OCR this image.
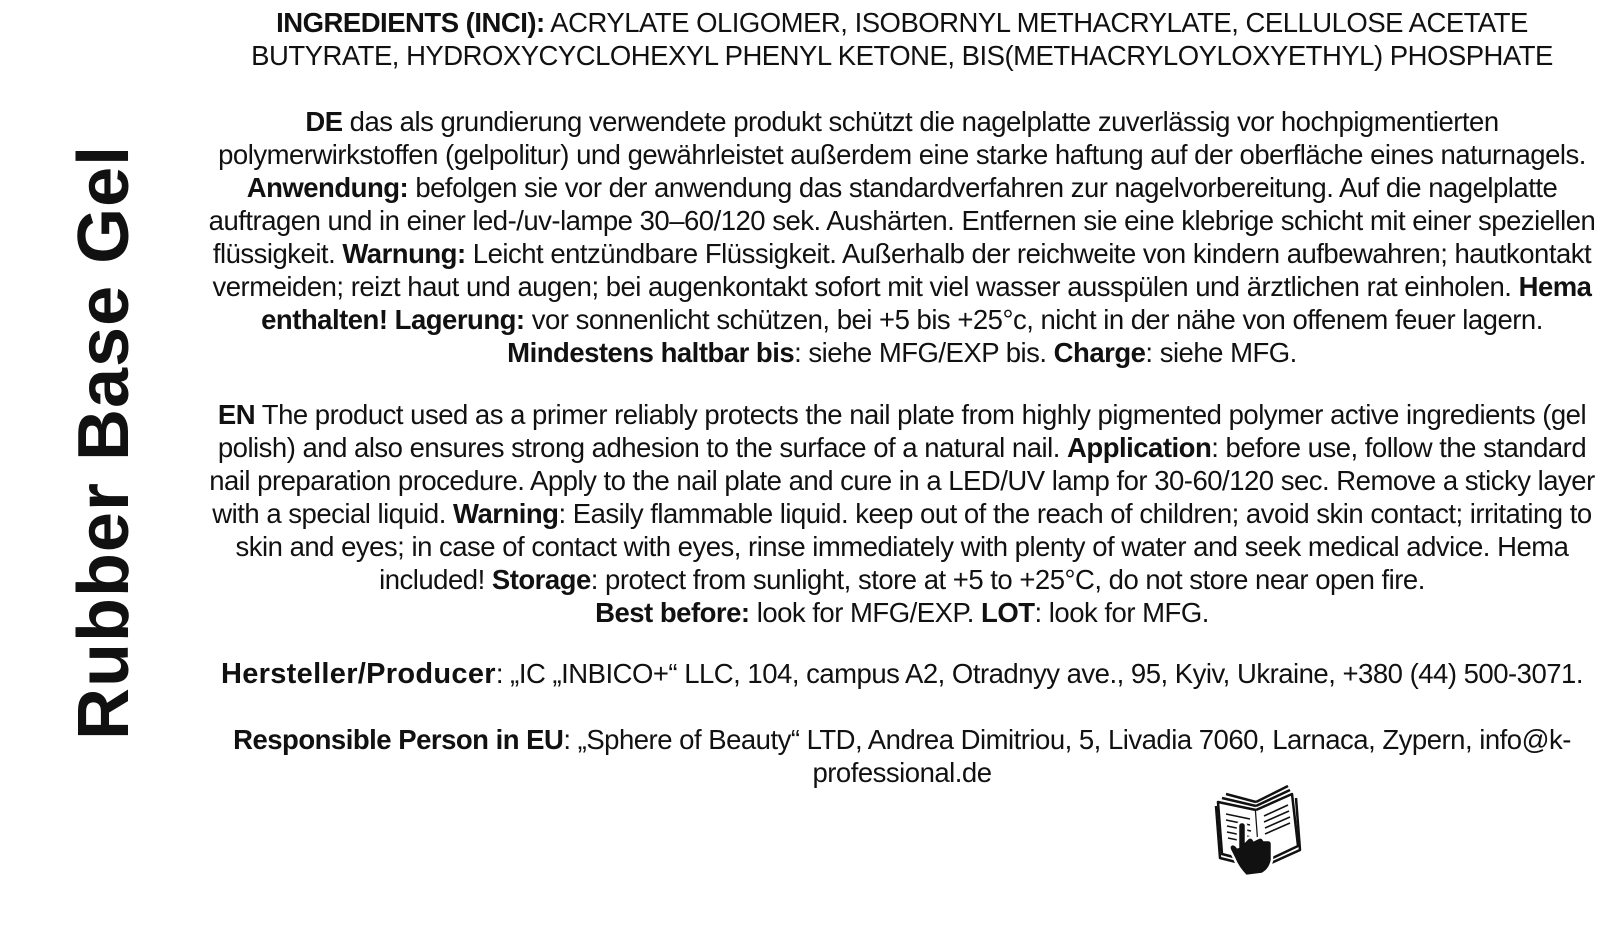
Rubber Base Gel
INGREDIENTS (INCI): ACRYLATE OLIGOMER, ISOBORNYL METHACRYLATE, CELLULOSE ACETATE BUTYRATE, HYDROXYCYCLOHEXYL PHENYL KETONE, BIS(METHACRYLOYLOXYETHYL) PHOSPHATE
DE das als grundierung verwendete produkt schützt die nagelplatte zuverlässig vor hochpigmentierten polymerwirkstoffen (gelpolitur) und gewährleistet außerdem eine starke haftung auf der oberfläche eines naturnagels. Anwendung: befolgen sie vor der anwendung das standardverfahren zur nagelvorbereitung. Auf die nagelplatte auftragen und in einer led-/uv-lampe 30–60/120 sek. Aushärten. Entfernen sie eine klebrige schicht mit einer speziellen flüssigkeit. Warnung: Leicht entzündbare Flüssigkeit. Außerhalb der reichweite von kindern aufbewahren; hautkontakt vermeiden; reizt haut und augen; bei augenkontakt sofort mit viel wasser ausspülen und ärztlichen rat einholen. Hema enthalten! Lagerung: vor sonnenlicht schützen, bei +5 bis +25°c, nicht in der nähe von offenem feuer lagern. Mindestens haltbar bis: siehe MFG/EXP bis. Charge: siehe MFG.
EN The product used as a primer reliably protects the nail plate from highly pigmented polymer active ingredients (gel polish) and also ensures strong adhesion to the surface of a natural nail. Application: before use, follow the standard nail preparation procedure. Apply to the nail plate and cure in a LED/UV lamp for 30-60/120 sec. Remove a sticky layer with a special liquid. Warning: Easily flammable liquid. keep out of the reach of children; avoid skin contact; irritating to skin and eyes; in case of contact with eyes, rinse immediately with plenty of water and seek medical advice. Hema included! Storage: protect from sunlight, store at +5 to +25°C, do not store near open fire.
Best before: look for MFG/EXP. LOT: look for MFG.
Hersteller/Producer: „IC „INBICO+“ LLC, 104, campus A2, Otradnyy ave., 95, Kyiv, Ukraine, +380 (44) 500-3071.
Responsible Person in EU: „Sphere of Beauty“ LTD, Andrea Dimitriou, 5, Livadia 7060, Larnaca, Zypern, info@k-professional.de
